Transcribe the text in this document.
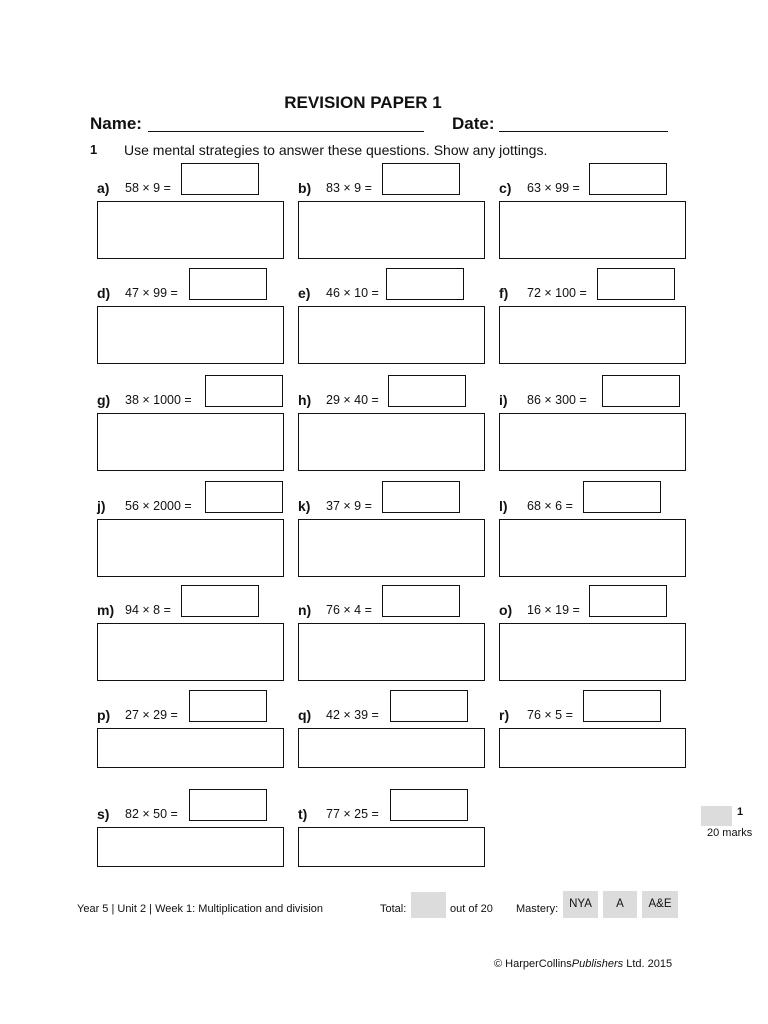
REVISION PAPER 1
Name:	Date:
1 Use mental strategies to answer these questions. Show any jottings.
a) 58 × 9 =	b) 83 × 9 =	c) 63 × 99 =
d) 47 × 99 =	e) 46 × 10 =	f) 72 × 100 =
g) 38 × 1000 =	h) 29 × 40 =	i) 86 × 300 =
j) 56 × 2000 =	k) 37 × 9 =	l) 68 × 6 =
m) 94 × 8 =	n) 76 × 4 =	o) 16 × 19 =
p) 27 × 29 =	q) 42 × 39 =	r) 76 × 5 =
s) 82 × 50 =	t) 77 × 25 =	1
20 marks
Year 5 | Unit 2 | Week 1: Multiplication and division	Total:	out of 20 Mastery: NYA	A	A&E
© HarperCollinsPublishers Ltd. 2015
